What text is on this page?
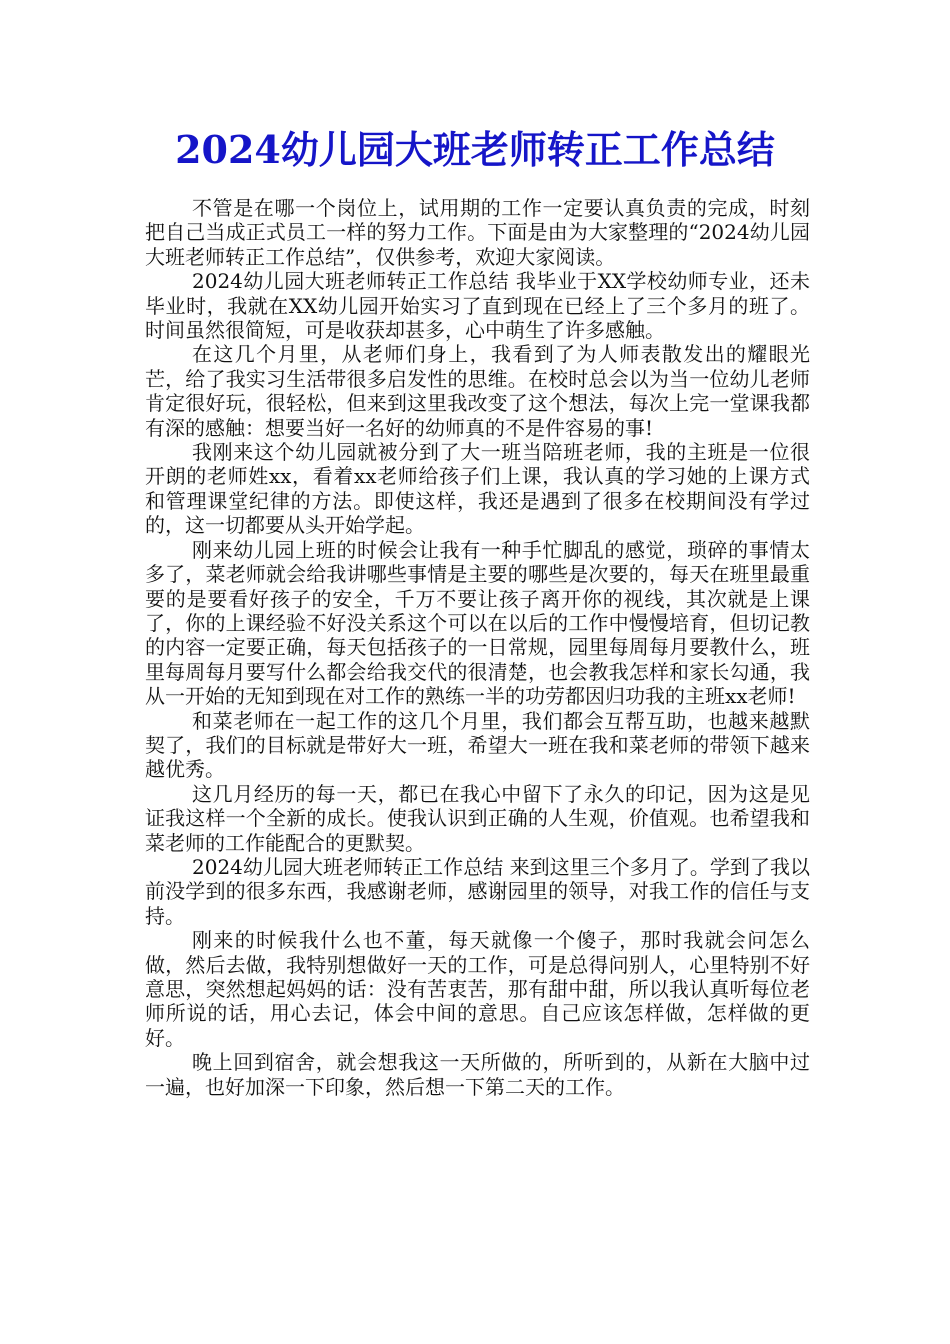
2024幼儿园大班老师转正工作总结

不管是在哪一个岗位上，试用期的工作一定要认真负责的完成，时刻把自己当成正式员工一样的努力工作。下面是由为大家整理的“2024幼儿园大班老师转正工作总结”，仅供参考，欢迎大家阅读。

2024幼儿园大班老师转正工作总结 我毕业于XX学校幼师专业，还未毕业时，我就在XX幼儿园开始实习了直到现在已经上了三个多月的班了。时间虽然很简短，可是收获却甚多，心中萌生了许多感触。

在这几个月里，从老师们身上，我看到了为人师表散发出的耀眼光芒，给了我实习生活带很多启发性的思维。在校时总会以为当一位幼儿老师肯定很好玩，很轻松，但来到这里我改变了这个想法，每次上完一堂课我都有深的感触：想要当好一名好的幼师真的不是件容易的事!

我刚来这个幼儿园就被分到了大一班当陪班老师，我的主班是一位很开朗的老师姓xx，看着xx老师给孩子们上课，我认真的学习她的上课方式和管理课堂纪律的方法。即使这样，我还是遇到了很多在校期间没有学过的，这一切都要从头开始学起。

刚来幼儿园上班的时候会让我有一种手忙脚乱的感觉，琐碎的事情太多了，菜老师就会给我讲哪些事情是主要的哪些是次要的，每天在班里最重要的是要看好孩子的安全，千万不要让孩子离开你的视线，其次就是上课了，你的上课经验不好没关系这个可以在以后的工作中慢慢培育，但切记教的内容一定要正确，每天包括孩子的一日常规，园里每周每月要教什么，班里每周每月要写什么都会给我交代的很清楚，也会教我怎样和家长勾通，我从一开始的无知到现在对工作的熟练一半的功劳都因归功我的主班xx老师!

和菜老师在一起工作的这几个月里，我们都会互帮互助，也越来越默契了，我们的目标就是带好大一班，希望大一班在我和菜老师的带领下越来越优秀。

这几月经历的每一天，都已在我心中留下了永久的印记，因为这是见证我这样一个全新的成长。使我认识到正确的人生观，价值观。也希望我和菜老师的工作能配合的更默契。

2024幼儿园大班老师转正工作总结 来到这里三个多月了。学到了我以前没学到的很多东西，我感谢老师，感谢园里的领导，对我工作的信任与支持。

刚来的时候我什么也不董，每天就像一个傻子，那时我就会问怎么做，然后去做，我特别想做好一天的工作，可是总得问别人，心里特别不好意思，突然想起妈妈的话：没有苦衷苦，那有甜中甜，所以我认真听每位老师所说的话，用心去记，体会中间的意思。自己应该怎样做，怎样做的更好。

晚上回到宿舍，就会想我这一天所做的，所听到的，从新在大脑中过一遍，也好加深一下印象，然后想一下第二天的工作。
